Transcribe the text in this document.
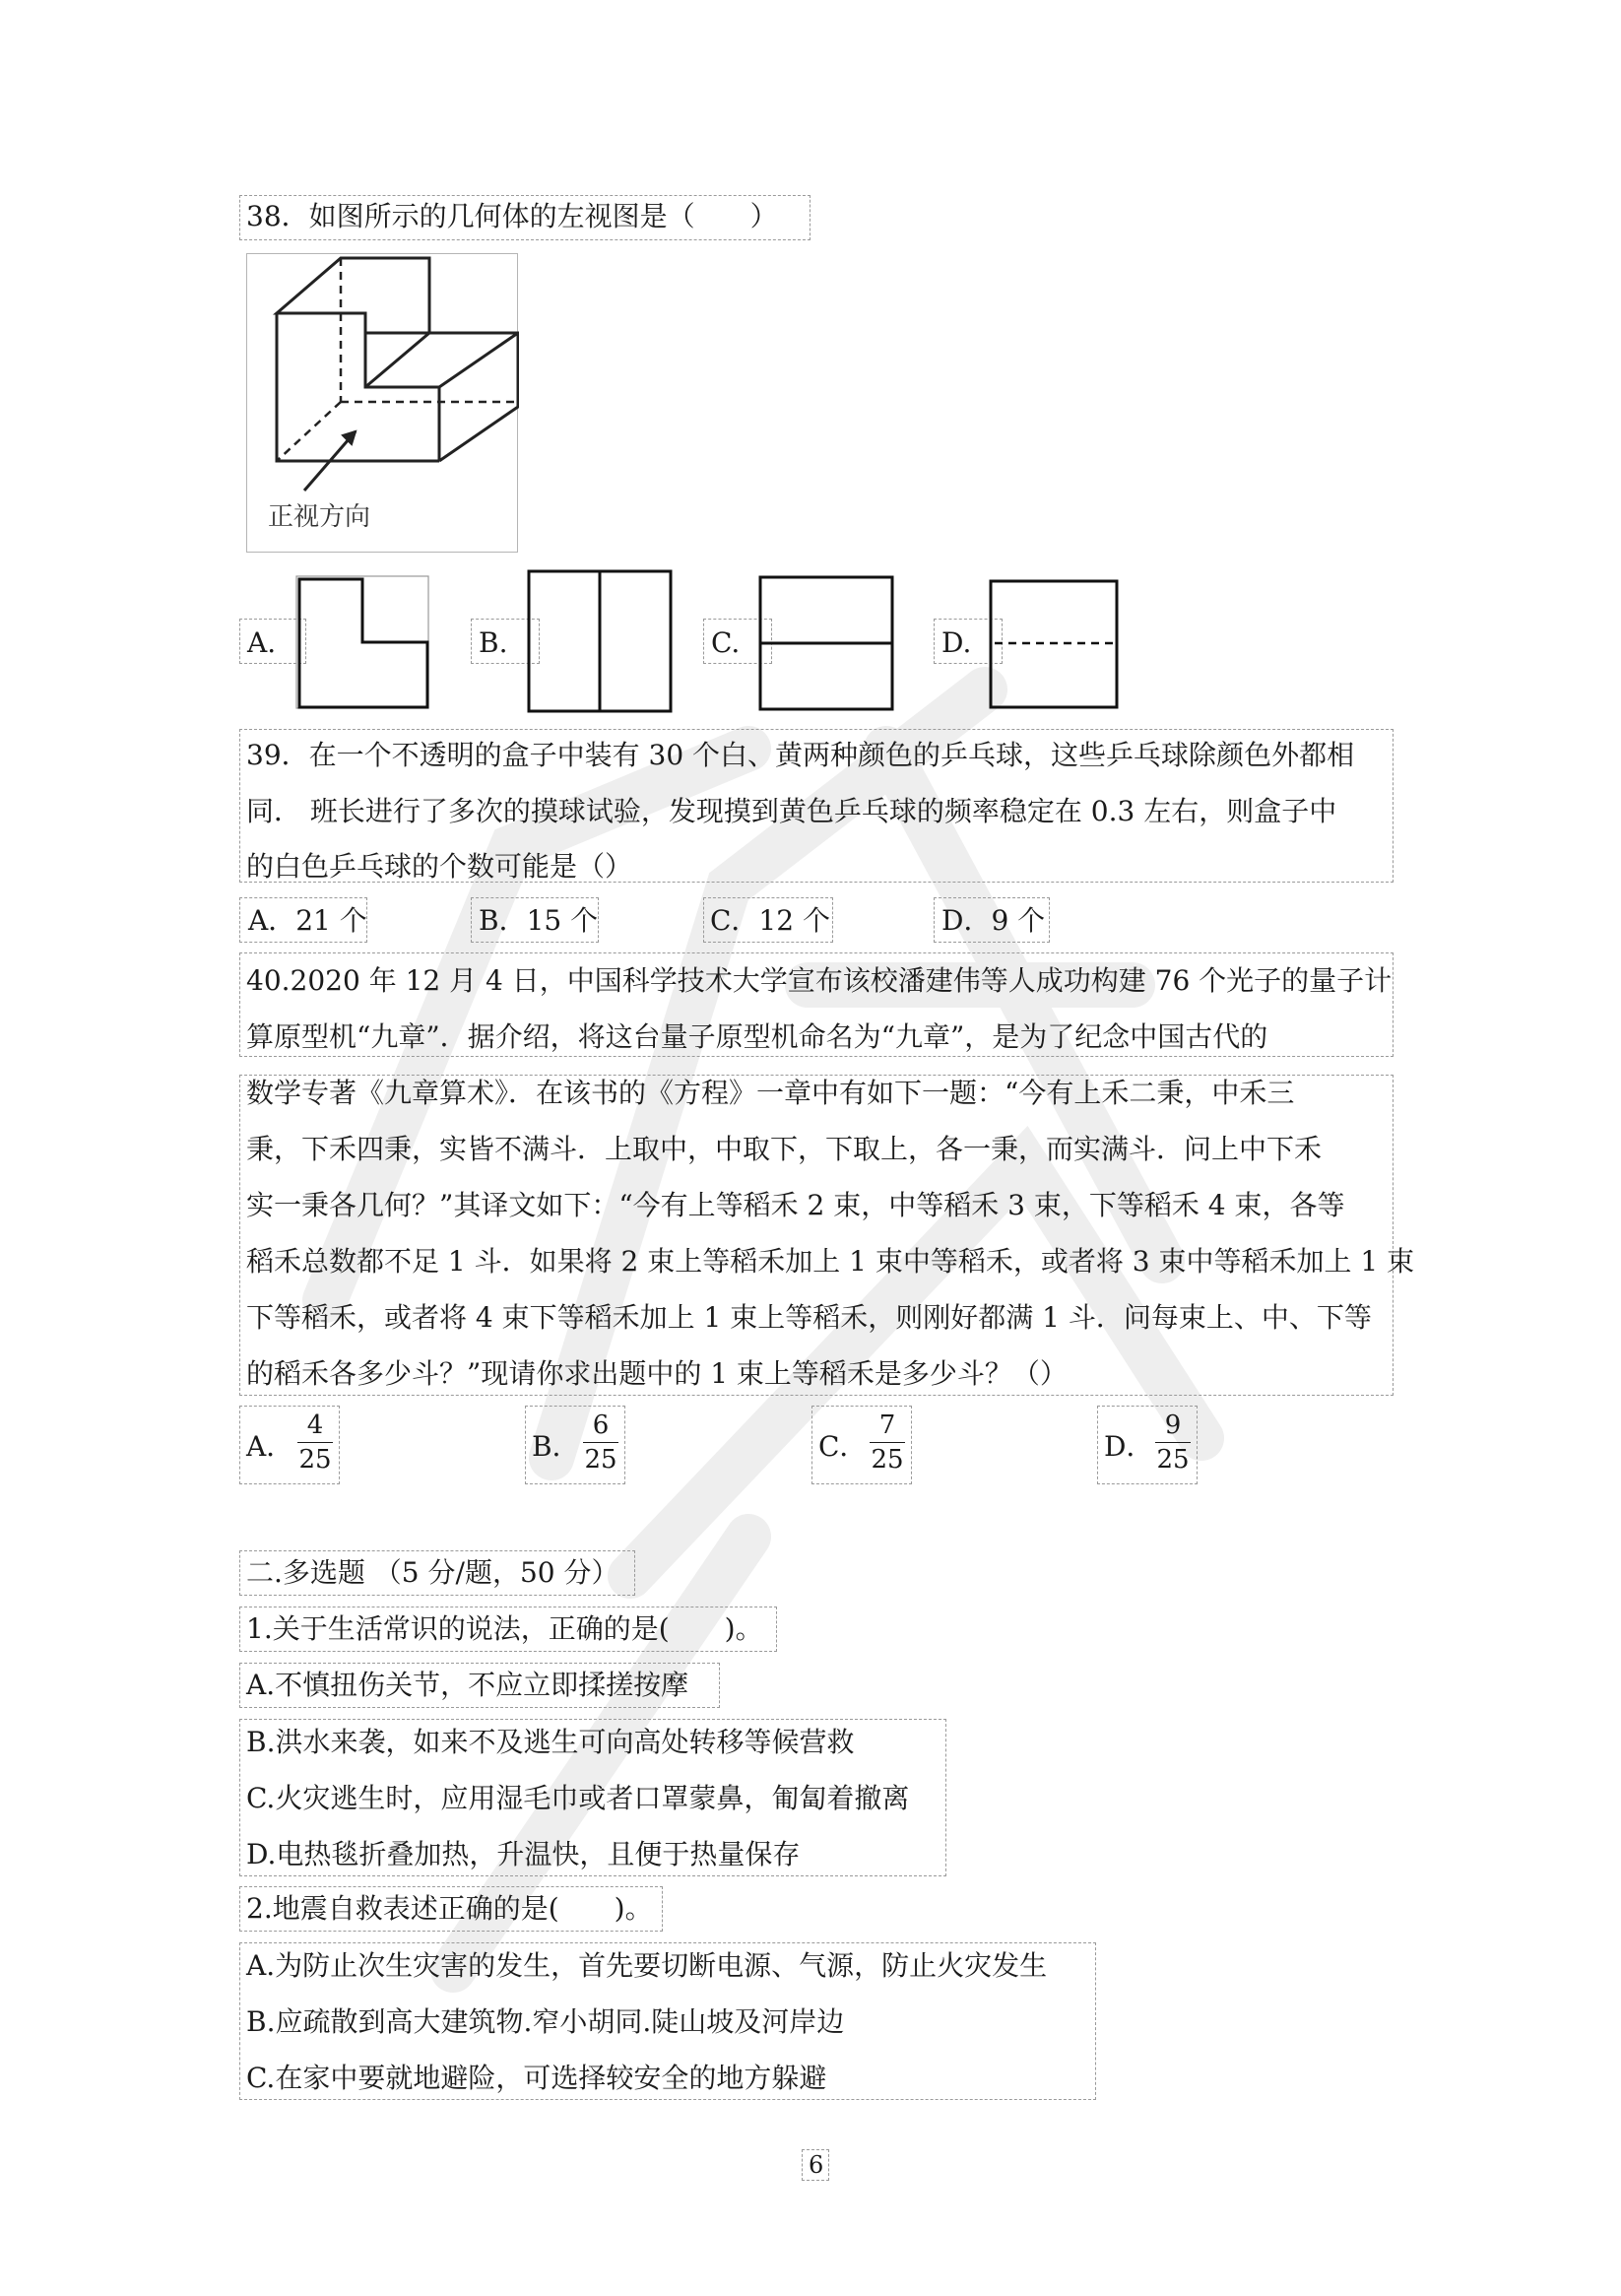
38．如图所示的几何体的左视图是（　　）
正视方向
A.	B.	C.	D.
39．在一个不透明的盒子中装有 30 个白、黄两种颜色的乒乓球，这些乒乓球除颜色外都相
同． 班长进行了多次的摸球试验，发现摸到黄色乒乓球的频率稳定在 0.3 左右，则盒子中
的白色乒乓球的个数可能是（）
A．21 个	B．15 个	C．12 个	D．9 个
40.2020 年 12 月 4 日，中国科学技术大学宣布该校潘建伟等人成功构建 76 个光子的量子计
算原型机“九章”．据介绍，将这台量子原型机命名为“九章”，是为了纪念中国古代的
数学专著《九章算术》．在该书的《方程》一章中有如下一题：“今有上禾二秉，中禾三
秉，下禾四秉，实皆不满斗．上取中，中取下，下取上，各一秉，而实满斗．问上中下禾
实一秉各几何？”其译文如下：“今有上等稻禾 2 束，中等稻禾 3 束，下等稻禾 4 束，各等
稻禾总数都不足 1 斗．如果将 2 束上等稻禾加上 1 束中等稻禾，或者将 3 束中等稻禾加上 1 束
下等稻禾，或者将 4 束下等稻禾加上 1 束上等稻禾，则刚好都满 1 斗．问每束上、中、下等
的稻禾各多少斗？”现请你求出题中的 1 束上等稻禾是多少斗？（）
A．
4
25	B．
6
25	C．
7
25	D．
9
25
二.多选题 （5 分/题，50 分）
1.关于生活常识的说法，正确的是(　　)。
A.不慎扭伤关节，不应立即揉搓按摩
B.洪水来袭，如来不及逃生可向高处转移等候营救
C.火灾逃生时，应用湿毛巾或者口罩蒙鼻，匍匐着撤离
D.电热毯折叠加热，升温快，且便于热量保存
2.地震自救表述正确的是(　　)。
A.为防止次生灾害的发生，首先要切断电源、气源，防止火灾发生
B.应疏散到高大建筑物.窄小胡同.陡山坡及河岸边
C.在家中要就地避险，可选择较安全的地方躲避
6
